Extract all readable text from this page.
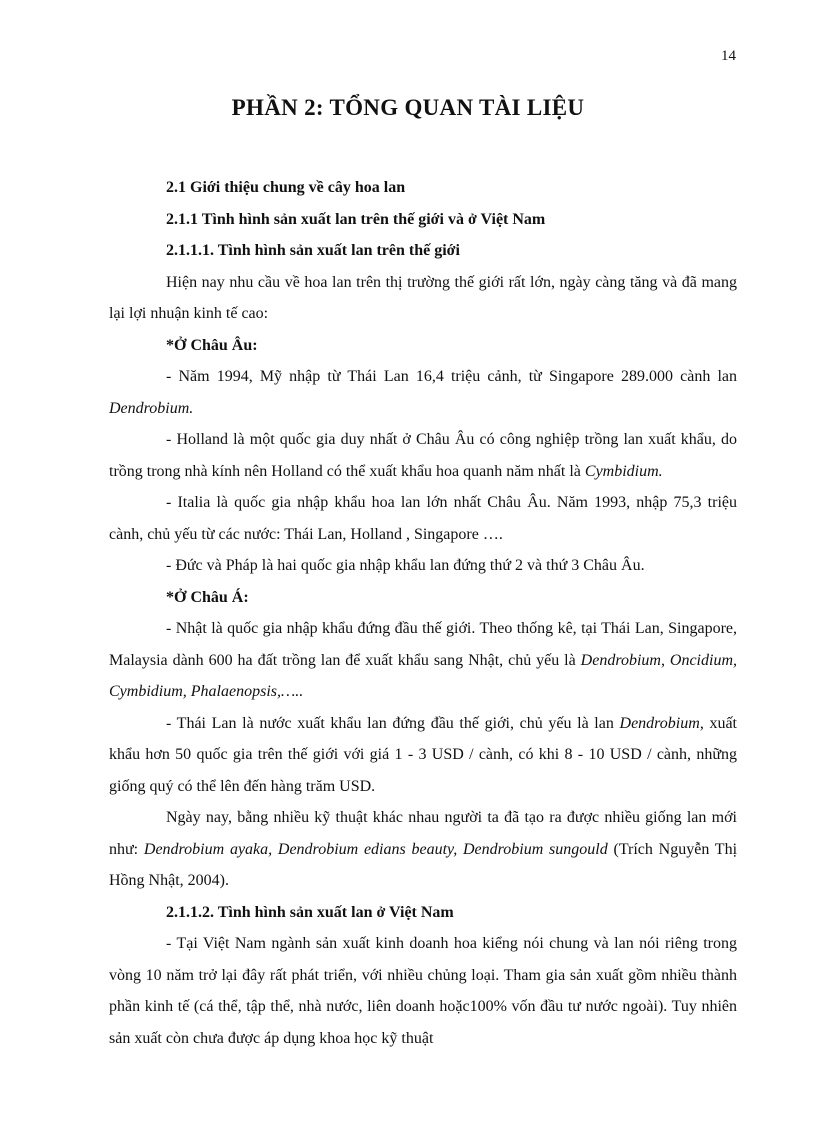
14
PHẦN 2: TỔNG QUAN TÀI LIỆU

2.1 Giới thiệu chung về cây hoa lan

2.1.1 Tình hình sản xuất lan trên thế giới và ở Việt Nam

2.1.1.1. Tình hình sản xuất lan trên thế giới

Hiện nay nhu cầu về hoa lan trên thị trường thế giới rất lớn, ngày càng tăng và đã mang lại lợi nhuận kinh tế cao:

*Ở Châu Âu:

- Năm 1994, Mỹ nhập từ Thái Lan 16,4 triệu cảnh, từ Singapore 289.000 cành lan Dendrobium.

- Holland là một quốc gia duy nhất ở Châu Âu có công nghiệp trồng lan xuất khẩu, do trồng trong nhà kính nên Holland có thể xuất khẩu hoa quanh năm nhất là Cymbidium.

- Italia là quốc gia nhập khẩu hoa lan lớn nhất Châu Âu. Năm 1993, nhập 75,3 triệu cành, chủ yếu từ các nước: Thái Lan, Holland , Singapore ….

- Đức và Pháp là hai quốc gia nhập khẩu lan đứng thứ 2 và thứ 3 Châu Âu.

*Ở Châu Á:

- Nhật là quốc gia nhập khẩu đứng đầu thế giới. Theo thống kê, tại Thái Lan, Singapore, Malaysia dành 600 ha đất trồng lan để xuất khẩu sang Nhật, chủ yếu là Dendrobium, Oncidium, Cymbidium, Phalaenopsis,…..

- Thái Lan là nước xuất khẩu lan đứng đầu thế giới, chủ yếu là lan Dendrobium, xuất khẩu hơn 50 quốc gia trên thế giới với giá 1 - 3 USD / cành, có khi 8 - 10 USD / cành, những giống quý có thể lên đến hàng trăm USD.

Ngày nay, bằng nhiều kỹ thuật khác nhau người ta đã tạo ra được nhiều giống lan mới như: Dendrobium ayaka, Dendrobium edians beauty, Dendrobium sungould (Trích Nguyễn Thị Hồng Nhật, 2004).

2.1.1.2. Tình hình sản xuất lan ở Việt Nam

- Tại Việt Nam ngành sản xuất kinh doanh hoa kiểng nói chung và lan nói riêng trong vòng 10 năm trở lại đây rất phát triển, với nhiều chủng loại. Tham gia sản xuất gồm nhiều thành phần kinh tế (cá thể, tập thể, nhà nước, liên doanh hoặc100% vốn đầu tư nước ngoài). Tuy nhiên sản xuất còn chưa được áp dụng khoa học kỹ thuật
